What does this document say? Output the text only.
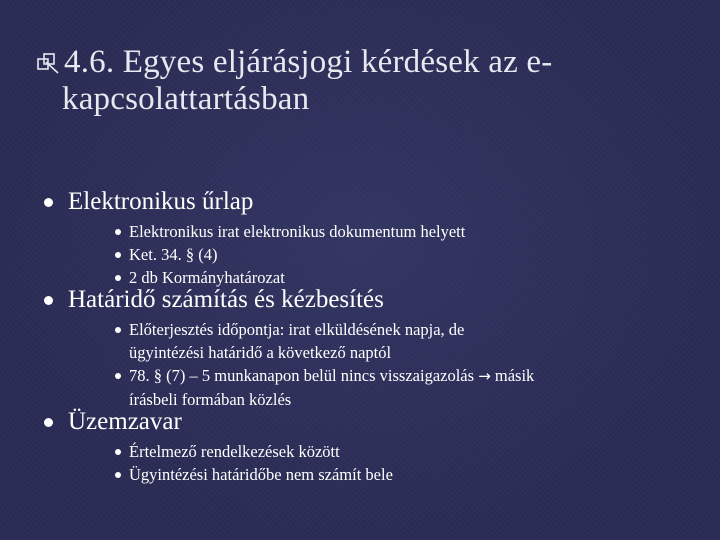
4.6. Egyes eljárásjogi kérdések az e-
kapcsolattartásban
Elektronikus űrlap
Elektronikus irat elektronikus dokumentum helyett
Ket. 34. § (4)
2 db Kormányhatározat
Határidő számítás és kézbesítés
Előterjesztés időpontja: irat elküldésének napja, de
ügyintézési határidő a következő naptól
78. § (7) – 5 munkanapon belül nincs visszaigazolás → másik
írásbeli formában közlés
Üzemzavar
Értelmező rendelkezések között
Ügyintézési határidőbe nem számít bele
